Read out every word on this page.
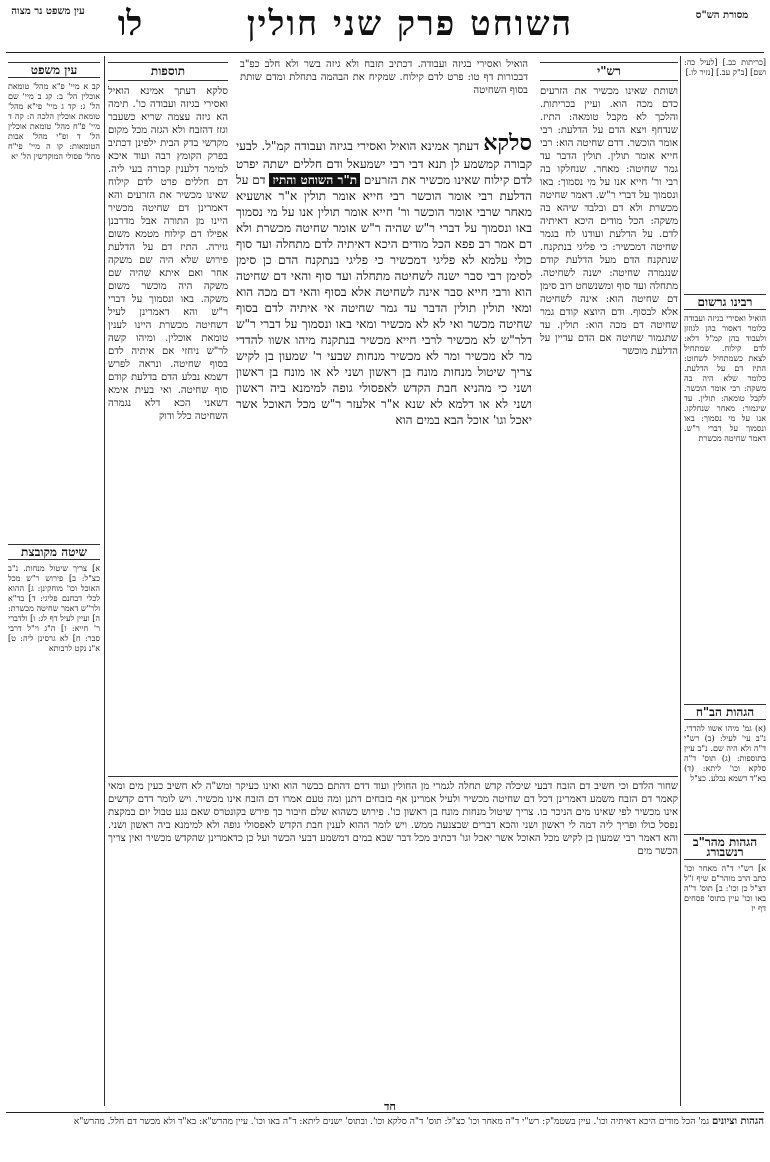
עין משפט נר מצוה לו	השוחט פרק שני חולין	מסורת הש"ס
הואיל ואסירי בגיזה ועבודה. דכתיב תזבח ולא גיזה בשר ולא חלב כפ"ב דבכורות דף טו: פרט לדם קילוח. שמקיח את הבהמה בתחלת ומדם שותת בסוף השחיטה
סלקא דעתך אמינא הואיל ואסירי בגיזה ועבודה קמ"ל. לבעי קבורה קמשמע לן תנא דבי רבי ישמעאל ודם חללים ישתה יפרט לדם קילוח שאינו מכשיר את הזרעים ת"ר השוחט והתיז דם על הדלעת רבי אומר הוכשר רבי חייא אומר תולין א"ר אושעיא מאחר שרבי אומר הוכשר ור' חייא אומר תולין אנו על מי נסמוך באו ונסמוך על דברי ר"ש שהיה ר"ש אומר שחיטה מכשרת ולא דם אמר רב פפא הכל מודים היכא דאיתיה לדם מתחלה ועד סוף כולי עלמא לא פליגי דמכשיר כי פליגי בנתקנח הדם כן סימן לסימן רבי סבר ישנה לשחיטה מתחלה ועד סוף והאי דם שחיטה הוא ורבי חייא סבר אינה לשחיטה אלא בסוף והאי דם מכה הוא ומאי תולין תולין הדבר עד גמר שחיטה אי איתיה לדם בסוף שחיטה מכשר ואי לא לא מכשיר ומאי באו ונסמוך על דברי ר"ש דלר"ש לא מכשיר לרבי חייא מכשיר בנתקנח מיהו אשוו להדדי מר לא מכשיר ומר לא מכשיר מנחות שבעי ר' שמעון בן לקיש צריך שיטול מנחות מונח בן ראשון ושני לא או מונח בן ראשון ושני כי מהניא חבת הקדש לאפסולי גופה למימנא ביה ראשון ושני לא או דלמא לא שנא א"ר אלעזר ר"ש מכל האוכל אשר יאכל וגו' אוכל הבא במים הוא
תוספות
סלקא דעתך אמינא הואיל ואסירי בגיזה ועבודה כו'. תימה הא גיזה עצמה שריא כשעבר וגזז דהזבח ולא הגזה מכל מקום מקדשי בדק הבית ילפינן דכתיב בפרק הקומץ רבה ועוד איכא למימר דלענין קבורה בעי ליה. דם חללים פרט לדם קילוח שאינו מכשיר את הזרעים והא דאמרינן דם שחיטה מכשיר היינו מן התורה אבל מדרבנן אפילו דם קילוח מטמא משום גזירה. התיז דם על הדלעת פירוש שלא היה שם משקה אחר ואם איתא שהיה שם משקה היה מוכשר משום משקה. באו ונסמוך על דברי ר"ש והא דאמרינן לעיל דשחיטה מכשרת היינו לענין טומאת אוכלין. ומיהו קשה לר"ש ניחזי אם איתיה לדם בסוף שחיטה. ונראה לפרש דשמא נבלע הדם בדלעת קודם סוף שחיטה. ואי בעית אימא דשאני הכא דלא נגמרה השחיטה כלל ודוק
רש"י
ושותת שאינו מכשיר את הזרעים כדם מכה הוא. ועיין בכריתות. והלכך לא מקבל טומאה: התיז. שנדחף ויצא הדם על הדלעת: רבי אומר הוכשר. דדם שחיטה הוא: רבי חייא אומר תולין. תולין הדבר עד גמר שחיטה: מאחר. שנחלקו בה רבי ור' חייא אנו על מי נסמוך: באו ונסמוך על דברי ר"ש. דאמר שחיטה מכשרת ולא דם ובלבד שיהא בה משקה: הכל מודים היכא דאיתיה לדם. על הדלעת ועודנו לח בגמר שחיטה דמכשיר: כי פליגי בנתקנח. שנתקנח הדם מעל הדלעת קודם שנגמרה שחיטה: ישנה לשחיטה. מתחלה ועד סוף ומשנשחט רוב סימן דם שחיטה הוא: אינה לשחיטה אלא לבסוף. ודם היוצא קודם גמר שחיטה דם מכה הוא: תולין. עד שתגמור שחיטה אם הדם עדיין על הדלעת מוכשר
[כריתות כב.] [לעיל כה: ושם] [ב"ק עב.] [נזיר לו.]
רבינו גרשום
הואיל ואסירי בגיזה ועבודה כלומר דאסור בהן לגוזזן ולעבוד בהן קמ"ל דלא: לדם קילוח. שמתחיל לצאת כשמתחיל לשחוט: התיז דם על הדלעת. כלומר שלא היה בה משקה: רבי אומר הוכשר. לקבל טומאה: תולין. עד שיגמור: מאחר שנחלקו. אנו על מי נסמוך: באו ונסמוך על דברי ר"ש. דאמר שחיטה מכשרת
הגהות הב"ח
(א) גמ' מיהו אשוו להדדי. נ"ב עי' לעיל: (ב) רש"י ד"ה ולא היה שם. נ"ב עיין בתוספות: (ג) תוס' ד"ה סלקא וכו' ליתא: (ד) בא"ד דשמא נבלע. כצ"ל
הגהות מהר"ב רנשבורג
א] רש"י ד"ה מאחר וכו' כתב הרב מוהר"ם שיף ז"ל דצ"ל כן וכו': ב] תוס' ד"ה באו וכו' עיין בתוס' פסחים דף יז
עין משפט
קב א מיי' פ"א מהל' טומאת אוכלין הל' ב: קג ב מיי' שם הל' ג: קד ג מיי' פי"א מהל' טומאת אוכלין הלכה ה: קה ד מיי' פ"ח מהל' טומאת אוכלין הל' ד ופ"י מהל' אבות הטומאות: קו ה מיי' פי"ח מהל' פסולי המוקדשין הל' יא
שיטה מקובצת
א] צריך שיטול מנחות. נ"ב כצ"ל: ב] פירוש ר"ש מכל האוכל וכו' מוחקינן: ג] ההוא לכלי דבחנם פליגי: ד] בד"א ולר"ש דאמר שחיטה מכשרת: ה] ועיין לעיל דף לג: ו] ולדברי ר' חייא: ז] ה"ג וי"ל דרבי סבר: ח] לא גרסינן ליה: ט] א"נ נקט לרבותא
שחור הלדם וכי חשיב דם הזבח דבעי שיכלה קדש תחלה לגמרי מן החולין ועוד דדם דהתם בבשר הוא ואינו כעיקר ומש"ה לא חשיב כעין מים ומאי קאמר דם הזבח משמע דאמרינן דכל דם שחיטה מכשיר ולעיל אמרינן אף בזבחים דתנן ומה טעם אמרו דם הזבח אינו מכשיר. ויש לומר דדם קדשים אינו מכשיר לפי שאינו מים הניכר בו. צריך שיטול מנחות מונח בן ראשון כו'. פירוש כשהוא שלם חיבור כך פירש בקונטרס שאם נגע טבול יום במקצת נפסל כולו ופריך ליה דמה לי ראשון ושני והכא דברים שבצנעה ממש. ויש לומר ההוא לענין חבת הקדש לאפסולי גופה ולא למימנא ביה ראשון ושני. והא דאמר רבי שמעון בן לקיש מכל האוכל אשר יאכל וגו' דכתיב מכל דבר שבא במים דמשמע דבעי הכשר ועל כן כדאמרינן שהקדש מכשיר ואין צריך הכשר מים
חד
הגהות וציונים גמ' הכל מודים היכא דאיתיה וכו'. עיין בשטמ"ק: רש"י ד"ה מאחר וכו' כצ"ל: תוס' ד"ה סלקא וכו'. ובתוס' ישנים ליתא: ד"ה באו וכו'. עיין מהרש"א: בא"ד ולא מכשר דם חלל. מהרש"א
